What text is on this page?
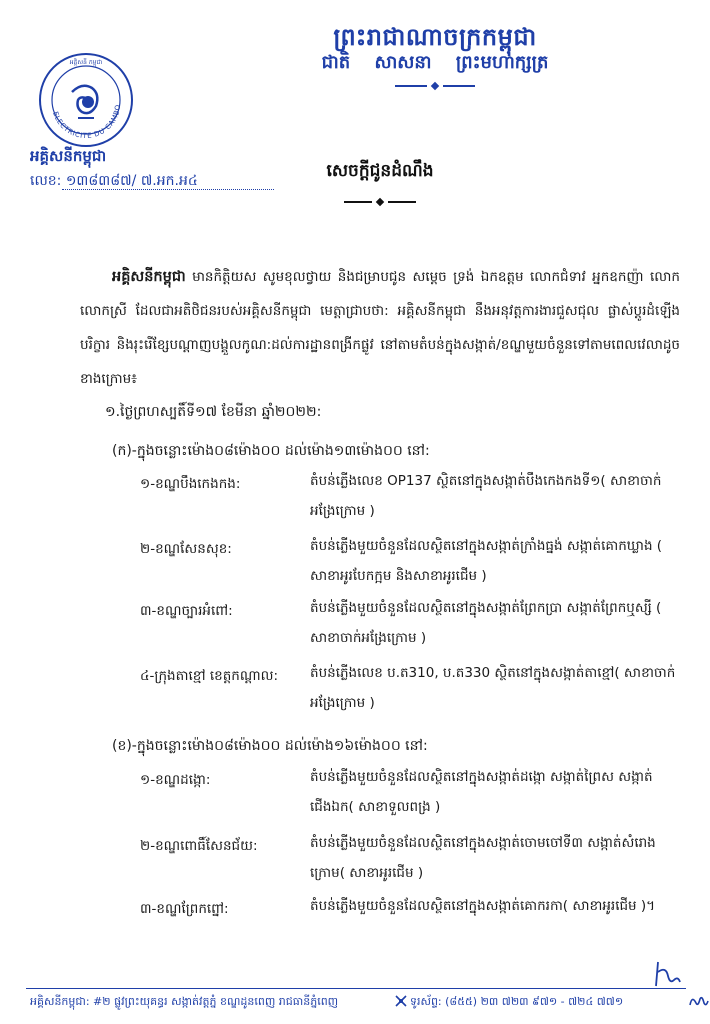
ព្រះរាជាណាចក្រកម្ពុជា
ជាតិ សាសនា ព្រះមហាក្សត្រ
ELECTRICITE DU CAMBO
អគ្គិសនី កម្ពុជា
អគ្គិសនីកម្ពុជា
លេខ: ១៣៨៣៨៧/ ៧.អក.អ៤	សេចក្ដីជូនដំណឹង
អគ្គិសនីកម្ពុជា មានកិត្តិយស សូមខុលថ្វាយ និងជម្រាបជូន សម្ដេច ទ្រង់ ឯកឧត្តម លោកជំទាវ អ្នកឧកញ៉ា លោក លោកស្រី ដែលជាអតិថិជនរបស់អគ្គិសនីកម្ពុជា មេត្តាជ្រាបថា: អគ្គិសនីកម្ពុជា នឹងអនុវត្តការងារជួសជុល ផ្លាស់ប្ដូរដំឡើងបរិក្ខារ និងរុះរើខ្សែបណ្ដាញបង្គួលកូណ:ដល់ការដ្ឋានពង្រីកផ្លូវ នៅតាមតំបន់ក្នុងសង្កាត់/ខណ្ឌមួយចំនួនទៅតាមពេលវេលាដូចខាងក្រោម៖
១.ថ្ងៃព្រហស្បតិ៍ទី១៧ ខែមីនា ឆ្នាំ២០២២:
(ក)-ក្នុងចន្លោះម៉ោង០៨ម៉ោង០០ ដល់ម៉ោង១៣ម៉ោង០០ នៅ:
១-ខណ្ឌបឹងកេងកង:	តំបន់ភ្លើងលេខ OP137 ស្ថិតនៅក្នុងសង្កាត់បឹងកេងកងទី១( សាខាចាក់អង្រែក្រោម )
២-ខណ្ឌសែនសុខ:	តំបន់ភ្លើងមួយចំនួនដែលស្ថិតនៅក្នុងសង្កាត់ក្រាំងធ្នង់ សង្កាត់គោកឃ្លាង ( សាខាអូរបែកក្អម និងសាខាអូរជើម )
៣-ខណ្ឌច្បារអំពៅ:	តំបន់ភ្លើងមួយចំនួនដែលស្ថិតនៅក្នុងសង្កាត់ព្រែកប្រា សង្កាត់ព្រែកឬស្សី ( សាខាចាក់អង្រែក្រោម )
៤-ក្រុងតាខ្មៅ ខេត្តកណ្ដាល:	តំបន់ភ្លើងលេខ ប.ត310, ប.ត330 ស្ថិតនៅក្នុងសង្កាត់តាខ្មៅ( សាខាចាក់អង្រែក្រោម )
(ខ)-ក្នុងចន្លោះម៉ោង០៨ម៉ោង០០ ដល់ម៉ោង១៦ម៉ោង០០ នៅ:
១-ខណ្ឌដង្កោ:	តំបន់ភ្លើងមួយចំនួនដែលស្ថិតនៅក្នុងសង្កាត់ដង្កោ សង្កាត់ព្រៃស សង្កាត់ជើងឯក( សាខាទួលពង្រ )
២-ខណ្ឌពោធិ៍សែនជ័យ:	តំបន់ភ្លើងមួយចំនួនដែលស្ថិតនៅក្នុងសង្កាត់ចោមចៅទី៣ សង្កាត់សំរោងក្រោម( សាខាអូរជើម )
៣-ខណ្ឌព្រែកព្នៅ:	តំបន់ភ្លើងមួយចំនួនដែលស្ថិតនៅក្នុងសង្កាត់គោករកា( សាខាអូរជើម )។
អគ្គិសនីកម្ពុជា: #២ ផ្លូវព្រះយុគន្ធរ សង្កាត់វត្តភ្នំ ខណ្ឌដូនពេញ រាជធានីភ្នំពេញ	ទូរស័ព្ទ: (៨៥៥) ២៣ ៧២៣ ៩៧១ - ៧២៤ ៧៧១
